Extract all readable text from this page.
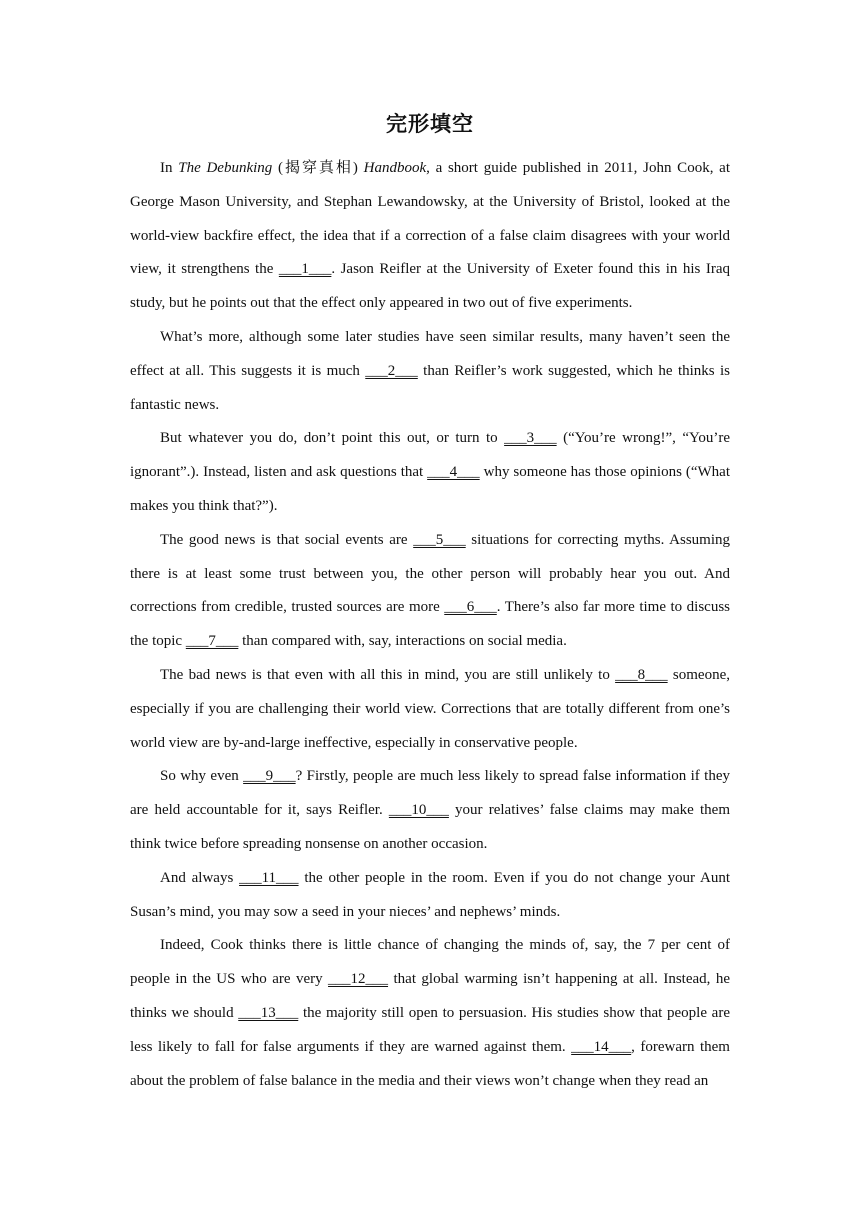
完形填空

In The Debunking (揭穿真相) Handbook, a short guide published in 2011, John Cook, at George Mason University, and Stephan Lewandowsky, at the University of Bristol, looked at the world-view backfire effect, the idea that if a correction of a false claim disagrees with your world view, it strengthens the ___1___. Jason Reifler at the University of Exeter found this in his Iraq study, but he points out that the effect only appeared in two out of five experiments.

What’s more, although some later studies have seen similar results, many haven’t seen the effect at all. This suggests it is much ___2___ than Reifler’s work suggested, which he thinks is fantastic news.

But whatever you do, don’t point this out, or turn to ___3___ (“You’re wrong!”, “You’re ignorant”.). Instead, listen and ask questions that ___4___ why someone has those opinions (“What makes you think that?”).

The good news is that social events are ___5___ situations for correcting myths. Assuming there is at least some trust between you, the other person will probably hear you out. And corrections from credible, trusted sources are more ___6___. There’s also far more time to discuss the topic ___7___ than compared with, say, interactions on social media.

The bad news is that even with all this in mind, you are still unlikely to ___8___ someone, especially if you are challenging their world view. Corrections that are totally different from one’s world view are by-and-large ineffective, especially in conservative people.

So why even ___9___? Firstly, people are much less likely to spread false information if they are held accountable for it, says Reifler. ___10___ your relatives’ false claims may make them think twice before spreading nonsense on another occasion.

And always ___11___ the other people in the room. Even if you do not change your Aunt Susan’s mind, you may sow a seed in your nieces’ and nephews’ minds.

Indeed, Cook thinks there is little chance of changing the minds of, say, the 7 per cent of people in the US who are very ___12___ that global warming isn’t happening at all. Instead, he thinks we should ___13___ the majority still open to persuasion. His studies show that people are less likely to fall for false arguments if they are warned against them. ___14___, forewarn them about the problem of false balance in the media and their views won’t change when they read an
